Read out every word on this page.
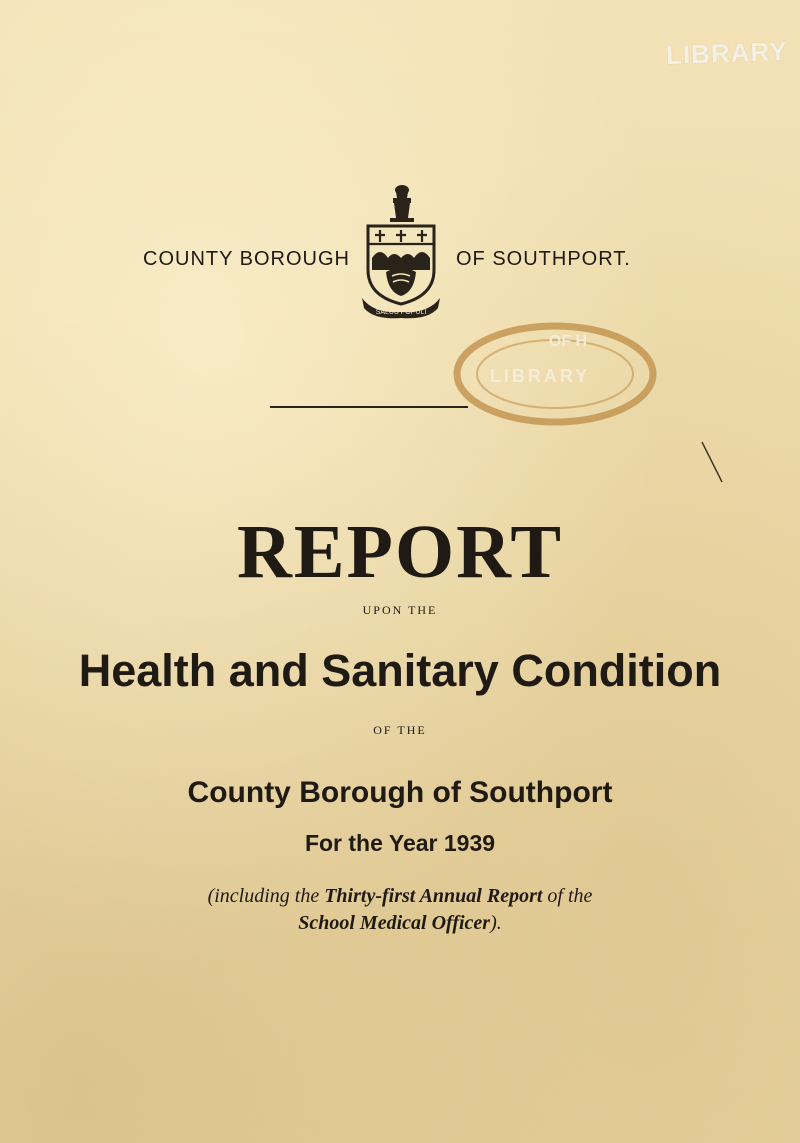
LIBRARY
COUNTY BOROUGH	OF SOUTHPORT.
SALUS POPULI
OF H
LIBRARY
REPORT
UPON THE
Health and Sanitary Condition
OF THE
County Borough of Southport
For the Year 1939
(including the Thirty-first Annual Report of the
School Medical Officer).
